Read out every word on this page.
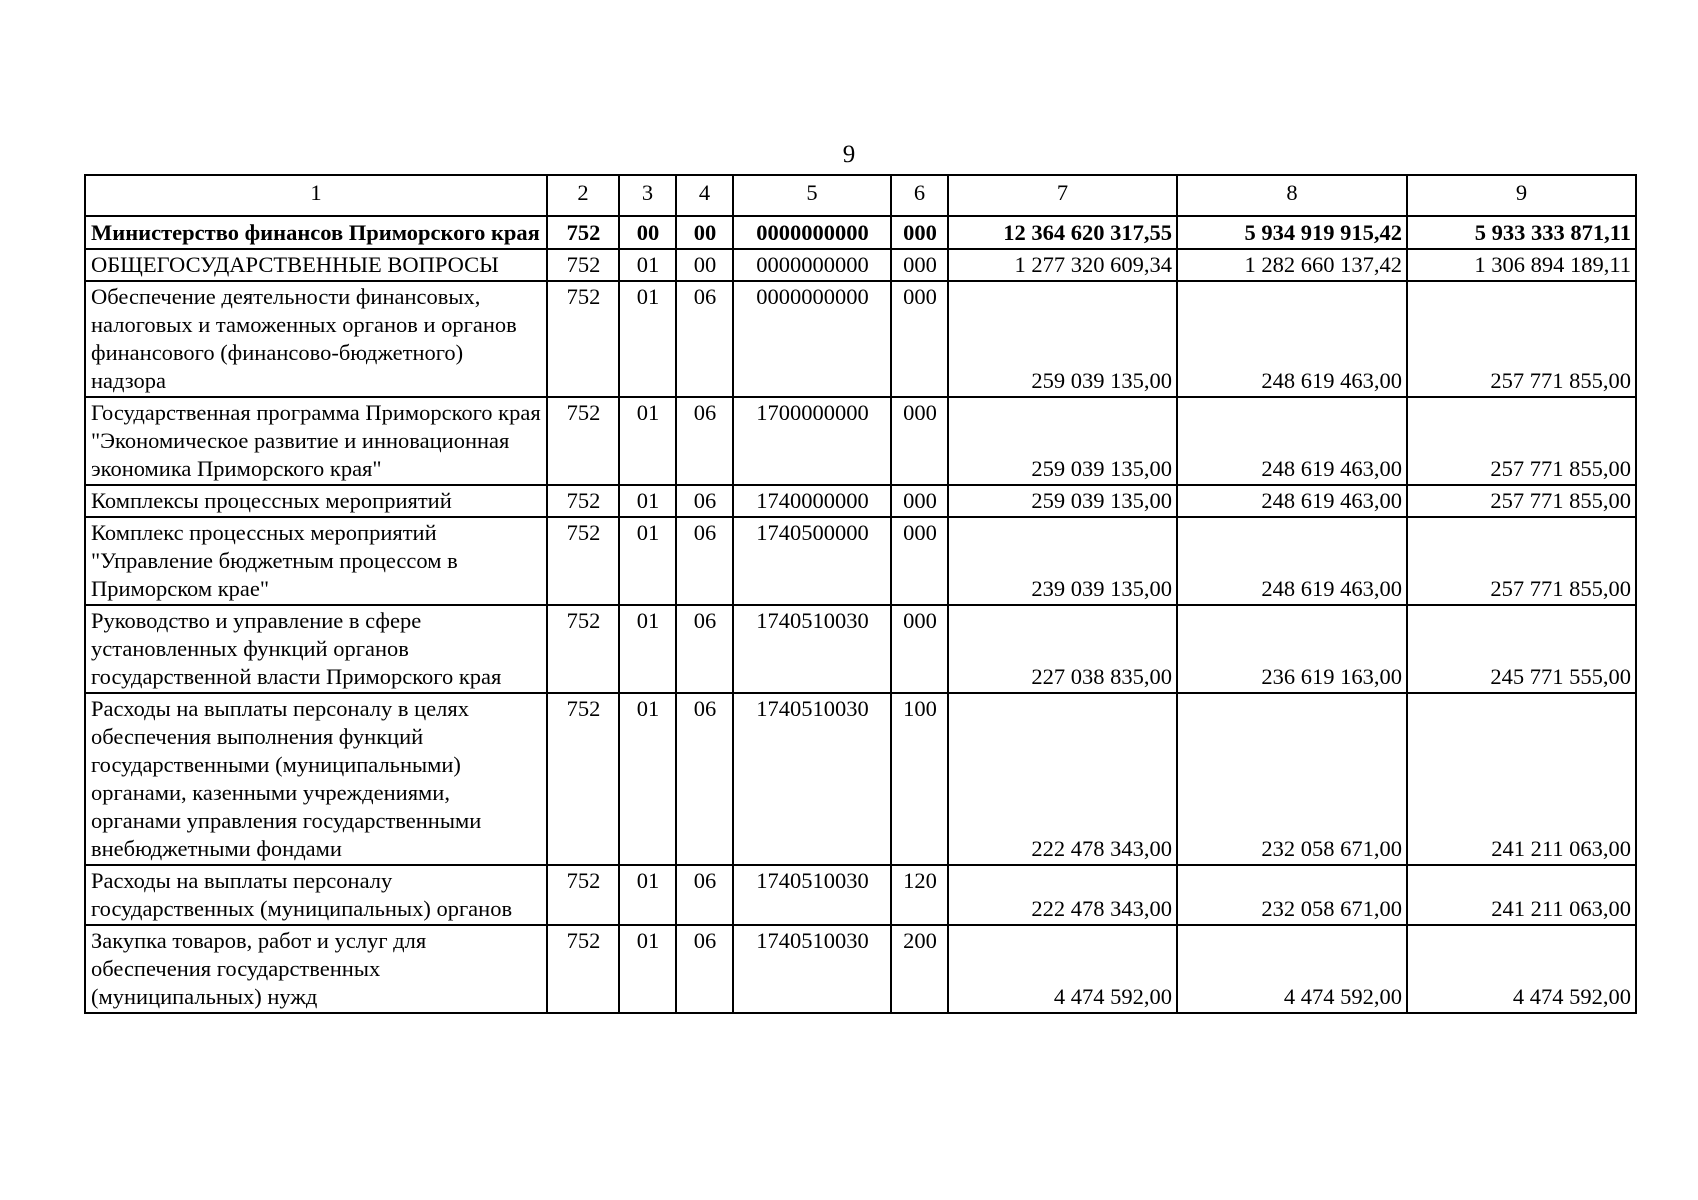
9
1	2	3	4	5	6	7	8	9
Министерство финансов Приморского края	752	00	00	0000000000	000	12 364 620 317,55	5 934 919 915,42	5 933 333 871,11
ОБЩЕГОСУДАРСТВЕННЫЕ ВОПРОСЫ	752	01	00	0000000000	000	1 277 320 609,34	1 282 660 137,42	1 306 894 189,11
Обеспечение деятельности финансовых, налоговых и таможенных органов и органов финансового (финансово-бюджетного) надзора	752	01	06	0000000000	000	259 039 135,00	248 619 463,00	257 771 855,00
Государственная программа Приморского края "Экономическое развитие и инновационная экономика Приморского края"	752	01	06	1700000000	000	259 039 135,00	248 619 463,00	257 771 855,00
Комплексы процессных мероприятий	752	01	06	1740000000	000	259 039 135,00	248 619 463,00	257 771 855,00
Комплекс процессных мероприятий "Управление бюджетным процессом в Приморском крае"	752	01	06	1740500000	000	239 039 135,00	248 619 463,00	257 771 855,00
Руководство и управление в сфере установленных функций органов государственной власти Приморского края	752	01	06	1740510030	000	227 038 835,00	236 619 163,00	245 771 555,00
Расходы на выплаты персоналу в целях обеспечения выполнения функций государственными (муниципальными) органами, казенными учреждениями, органами управления государственными внебюджетными фондами	752	01	06	1740510030	100	222 478 343,00	232 058 671,00	241 211 063,00
Расходы на выплаты персоналу государственных (муниципальных) органов	752	01	06	1740510030	120	222 478 343,00	232 058 671,00	241 211 063,00
Закупка товаров, работ и услуг для обеспечения государственных (муниципальных) нужд	752	01	06	1740510030	200	4 474 592,00	4 474 592,00	4 474 592,00
